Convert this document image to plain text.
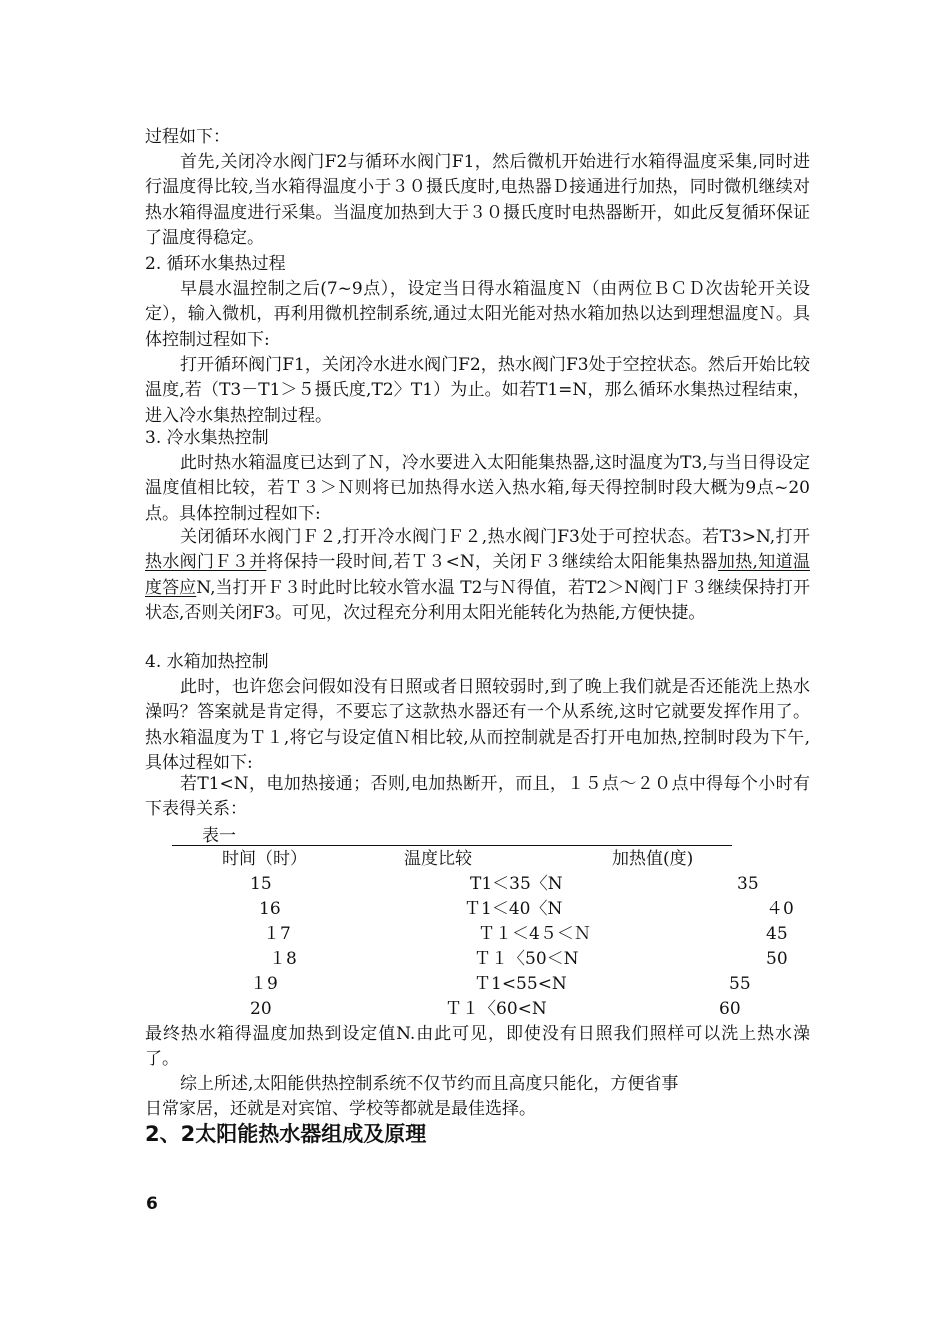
过程如下：

首先,关闭冷水阀门F2与循环水阀门F1，然后微机开始进行水箱得温度采集,同时进行温度得比较,当水箱得温度小于３０摄氏度时,电热器Ｄ接通进行加热，同时微机继续对热水箱得温度进行采集。当温度加热到大于３０摄氏度时电热器断开，如此反复循环保证了温度得稳定。

2. 循环水集热过程

早晨水温控制之后(7~9点），设定当日得水箱温度Ｎ（由两位ＢＣＤ次齿轮开关设定），输入微机，再利用微机控制系统,通过太阳光能对热水箱加热以达到理想温度Ｎ。具体控制过程如下:

打开循环阀门F1，关闭冷水进水阀门F2，热水阀门F3处于空控状态。然后开始比较温度,若（T3－T1＞５摄氏度,T2〉T1）为止。如若T1=N，那么循环水集热过程结束，进入冷水集热控制过程。

3. 冷水集热控制

此时热水箱温度已达到了Ｎ，冷水要进入太阳能集热器,这时温度为T3,与当日得设定温度值相比较，若Ｔ３＞Ｎ则将已加热得水送入热水箱,每天得控制时段大概为9点~20点。具体控制过程如下:

关闭循环水阀门Ｆ２,打开冷水阀门Ｆ２,热水阀门F3处于可控状态。若T3>N,打开热水阀门Ｆ３并将保持一段时间,若Ｔ３<N，关闭Ｆ３继续给太阳能集热器加热,知道温度答应N,当打开Ｆ３时此时比较水管水温 T2与Ｎ得值，若T2＞N阀门Ｆ３继续保持打开状态,否则关闭F3。可见，次过程充分利用太阳光能转化为热能,方便快捷。

4. 水箱加热控制

此时，也许您会问假如没有日照或者日照较弱时,到了晚上我们就是否还能洗上热水澡吗？答案就是肯定得，不要忘了这款热水器还有一个从系统,这时它就要发挥作用了。热水箱温度为Ｔ１,将它与设定值Ｎ相比较,从而控制就是否打开电加热,控制时段为下午,具体过程如下:

若T1<N，电加热接通；否则,电加热断开，而且，１５点～２０点中得每个小时有下表得关系：

表一
时间（时）	温度比较	加热值(度)
15	T1＜35〈N	35
16	Ｔ1＜40〈N	４0
１7	Ｔ１＜4５＜Ｎ	45
１8	Ｔ１〈50＜N	50
１9	Ｔ1<55<N	55
20	Ｔ１〈60<N	60

最终热水箱得温度加热到设定值N.由此可见，即使没有日照我们照样可以洗上热水澡了。

综上所述,太阳能供热控制系统不仅节约而且高度只能化，方便省事

日常家居，还就是对宾馆、学校等都就是最佳选择。

2、2太阳能热水器组成及原理
6
